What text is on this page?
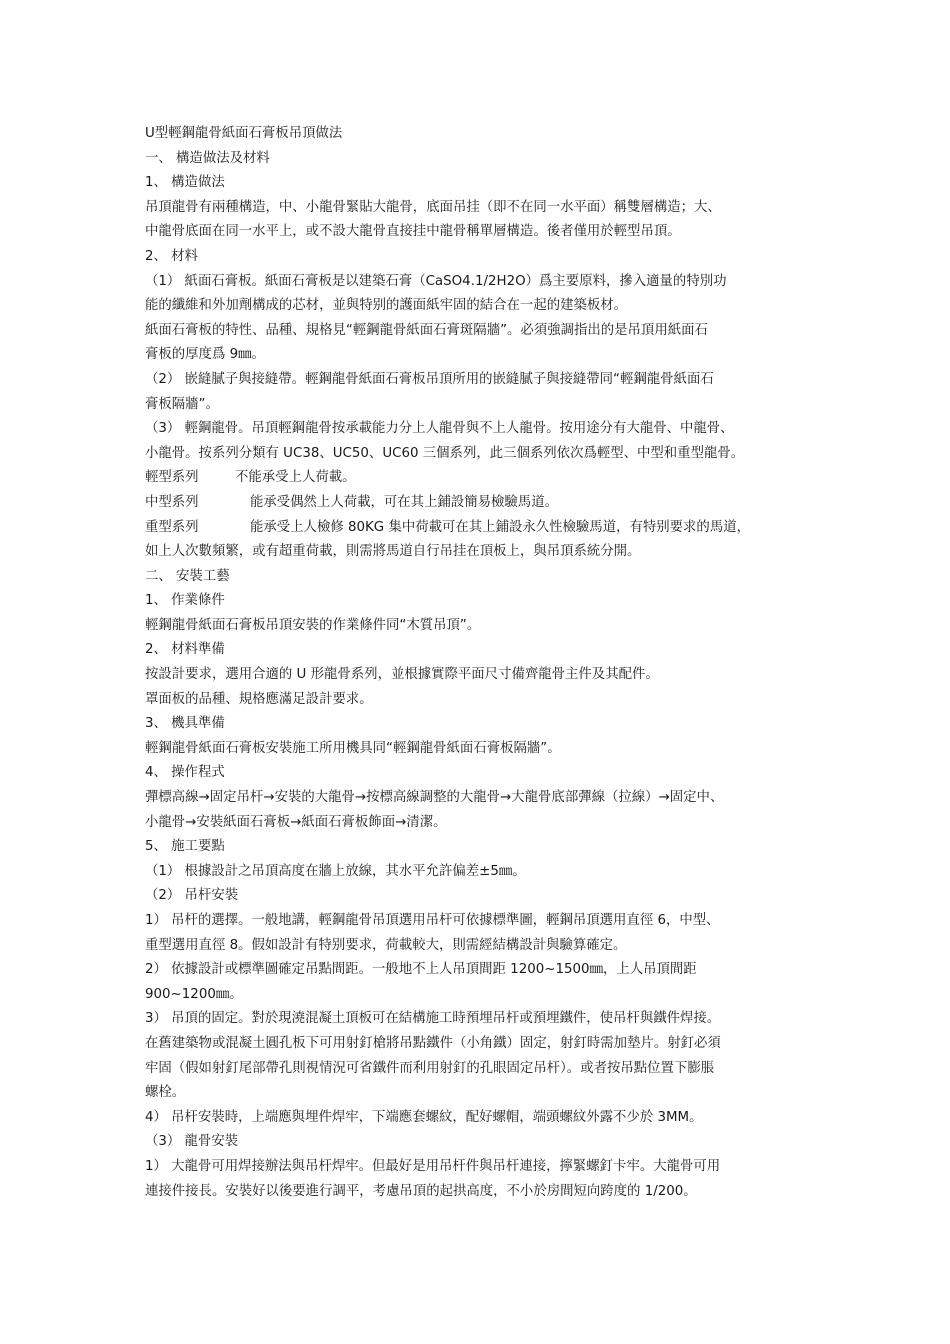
U型輕鋼龍骨紙面石膏板吊頂做法
一、 構造做法及材料
1、 構造做法
吊頂龍骨有兩種構造，中、小龍骨緊貼大龍骨，底面吊挂（即不在同一水平面）稱雙層構造；大、
中龍骨底面在同一水平上，或不設大龍骨直接挂中龍骨稱單層構造。後者僅用於輕型吊頂。
2、 材料
（1） 紙面石膏板。紙面石膏板是以建築石膏（CaSO4.1/2H2O）爲主要原料，摻入適量的特別功
能的纖維和外加劑構成的芯材，並與特别的護面紙牢固的結合在一起的建築板材。
紙面石膏板的特性、品種、規格見“輕鋼龍骨紙面石膏斑隔牆”。必須強調指出的是吊頂用紙面石
膏板的厚度爲 9㎜。
（2） 嵌縫膩子與接縫帶。輕鋼龍骨紙面石膏板吊頂所用的嵌縫膩子與接縫帶同“輕鋼龍骨紙面石
膏板隔牆”。
（3） 輕鋼龍骨。吊頂輕鋼龍骨按承載能力分上人龍骨與不上人龍骨。按用途分有大龍骨、中龍骨、
小龍骨。按系列分類有 UC38、UC50、UC60 三個系列，此三個系列依次爲輕型、中型和重型龍骨。
輕型系列	不能承受上人荷載。
中型系列	能承受偶然上人荷載，可在其上鋪設簡易檢驗馬道。
重型系列	能承受上人檢修 80KG 集中荷載可在其上鋪設永久性檢驗馬道，有特别要求的馬道，
如上人次數頻繁，或有超重荷載，則需將馬道自行吊挂在頂板上，與吊頂系統分開。
二、 安裝工藝
1、 作業條件
輕鋼龍骨紙面石膏板吊頂安裝的作業條件同“木質吊頂”。
2、 材料準備
按設計要求，選用合適的 U 形龍骨系列，並根據實際平面尺寸備齊龍骨主件及其配件。
罩面板的品種、規格應滿足設計要求。
3、 機具準備
輕鋼龍骨紙面石膏板安裝施工所用機具同“輕鋼龍骨紙面石膏板隔牆”。
4、 操作程式
彈標高線→固定吊杆→安裝的大龍骨→按標高線調整的大龍骨→大龍骨底部彈線（拉線）→固定中、
小龍骨→安裝紙面石膏板→紙面石膏板飾面→清潔。
5、 施工要點
（1） 根據設計之吊頂高度在牆上放線，其水平允許偏差±5㎜。
（2） 吊杆安裝
1） 吊杆的選擇。一般地講，輕鋼龍骨吊頂選用吊杆可依據標準圖，輕鋼吊頂選用直徑 6，中型、
重型選用直徑 8。假如設計有特别要求，荷載較大，則需經結構設計與驗算確定。
2） 依據設計或標準圖確定吊點間距。一般地不上人吊頂間距 1200~1500㎜，上人吊頂間距
900~1200㎜。
3） 吊頂的固定。對於現澆混凝土頂板可在結構施工時預埋吊杆或預埋鐵件，使吊杆與鐵件焊接。
在舊建築物或混凝土圓孔板下可用射釘槍將吊點鐵件（小角鐵）固定，射釘時需加墊片。射釘必須
牢固（假如射釘尾部帶孔則視情況可省鐵件而利用射釘的孔眼固定吊杆）。或者按吊點位置下膨脹
螺栓。
4） 吊杆安裝時，上端應與埋件焊牢，下端應套螺紋，配好螺帽，端頭螺紋外露不少於 3MM。
（3） 龍骨安裝
1） 大龍骨可用焊接辦法與吊杆焊牢。但最好是用吊杆件與吊杆連接，擰緊螺釘卡牢。大龍骨可用
連接件接長。安裝好以後要進行調平，考慮吊頂的起拱高度，不小於房間短向跨度的 1/200。
